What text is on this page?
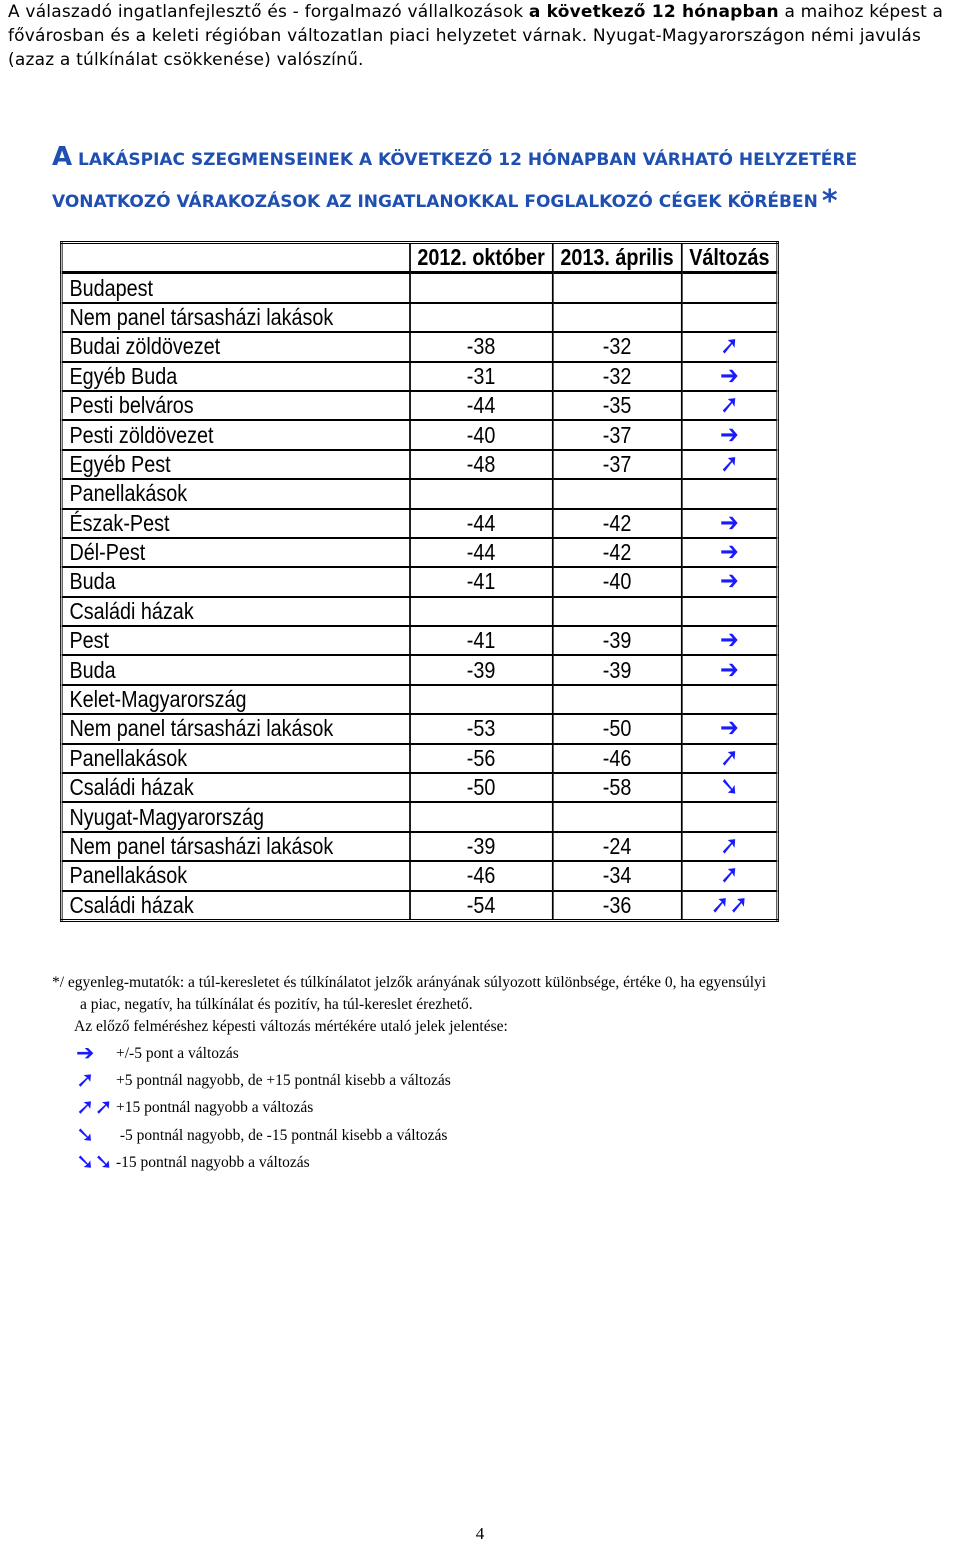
A válaszadó ingatlanfejlesztő és - forgalmazó vállalkozások a következő 12 hónapban a maihoz képest a fővárosban és a keleti régióban változatlan piaci helyzetet várnak. Nyugat-Magyarországon némi javulás (azaz a túlkínálat csökkenése) valószínű.
A LAKÁSPIAC SZEGMENSEINEK A KÖVETKEZŐ 12 HÓNAPBAN VÁRHATÓ HELYZETÉRE
VONATKOZÓ VÁRAKOZÁSOK AZ INGATLANOKKAL FOGLALKOZÓ CÉGEK KÖRÉBEN *
	2012. október	2013. április	Változás
Budapest			
Nem panel társasházi lakások			
Budai zöldövezet	-38	-32	➚
Egyéb Buda	-31	-32	➔
Pesti belváros	-44	-35	➚
Pesti zöldövezet	-40	-37	➔
Egyéb Pest	-48	-37	➚
Panellakások			
Észak-Pest	-44	-42	➔
Dél-Pest	-44	-42	➔
Buda	-41	-40	➔
Családi házak			
Pest	-41	-39	➔
Buda	-39	-39	➔
Kelet-Magyarország			
Nem panel társasházi lakások	-53	-50	➔
Panellakások	-56	-46	➚
Családi házak	-50	-58	➘
Nyugat-Magyarország			
Nem panel társasházi lakások	-39	-24	➚
Panellakások	-46	-34	➚
Családi házak	-54	-36	➚➚
*/ egyenleg-mutatók: a túl-keresletet és túlkínálatot jelzők arányának súlyozott különbsége, értéke 0, ha egyensúlyi
a piac, negatív, ha túlkínálat és pozitív, ha túl-kereslet érezhető.
Az előző felméréshez képesti változás mértékére utaló jelek jelentése:
➔	+/-5 pont a változás
➚	+5 pontnál nagyobb, de +15 pontnál kisebb a változás
➚➚ +15 pontnál nagyobb a változás
➘	-5 pontnál nagyobb, de -15 pontnál kisebb a változás
➘➘ -15 pontnál nagyobb a változás
4
